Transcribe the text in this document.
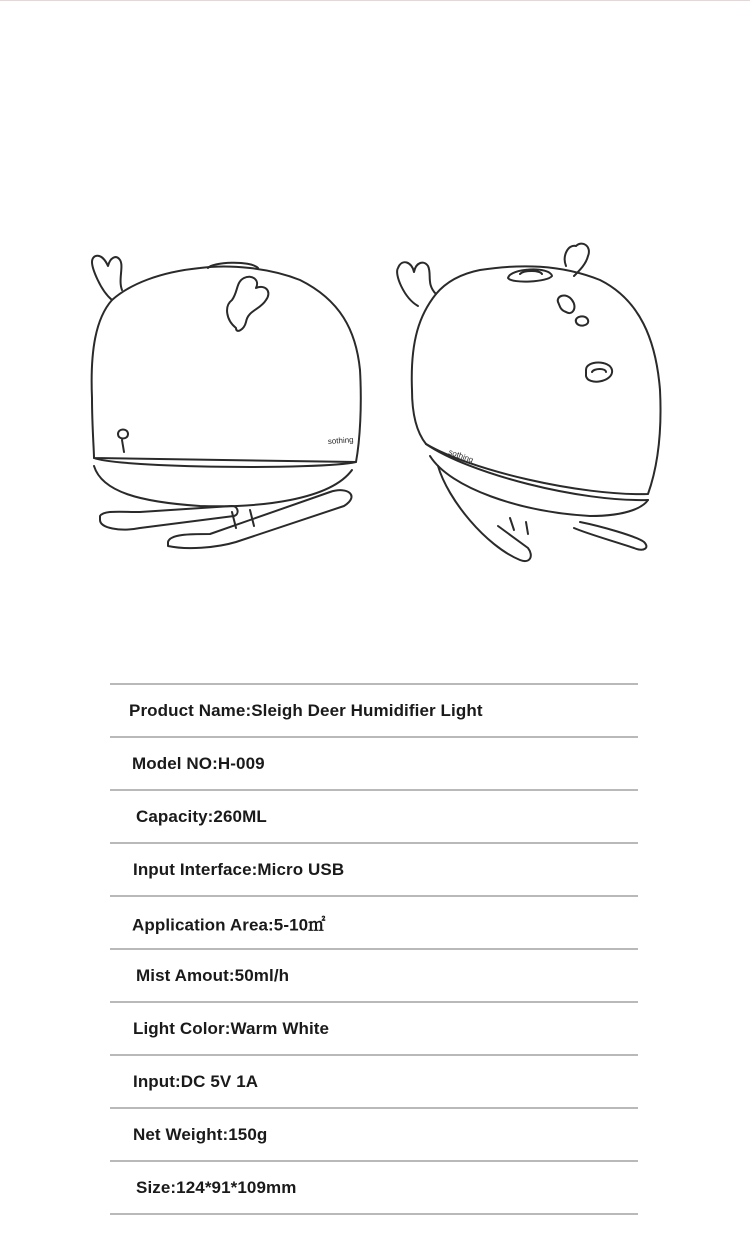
sothing
sothing
Product Name:Sleigh Deer Humidifier Light
Model NO:H-009
Capacity:260ML
Input Interface:Micro USB
Application Area:5-10㎡
Mist Amout:50ml/h
Light Color:Warm White
Input:DC 5V 1A
Net Weight:150g
Size:124*91*109mm
